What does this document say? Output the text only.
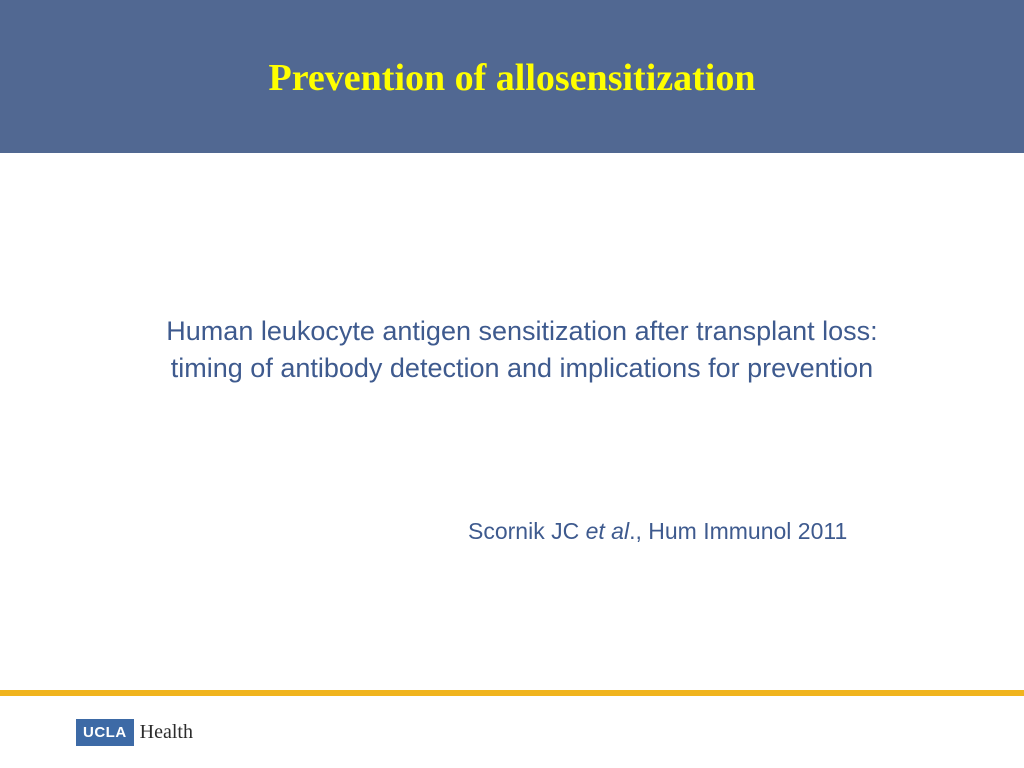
Prevention of allosensitization
Human leukocyte antigen sensitization after transplant loss:
timing of antibody detection and implications for prevention
Scornik JC et al., Hum Immunol 2011
UCLA Health
